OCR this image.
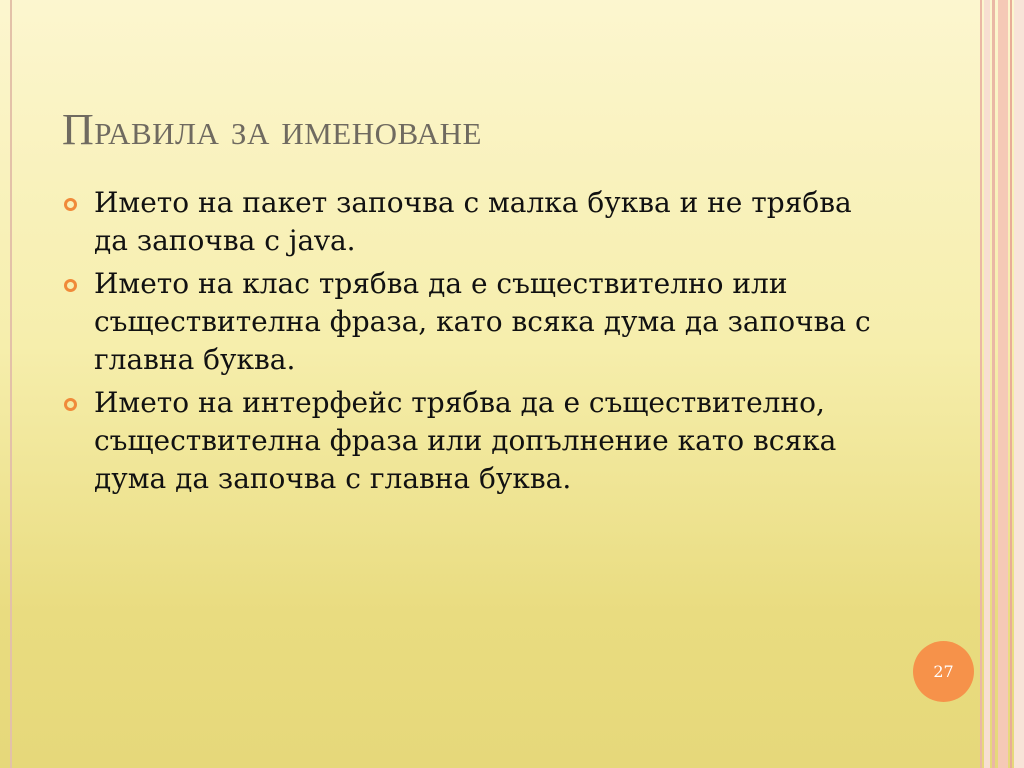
Правила за именоване
Името на пакет започва с малка буква и не трябва да започва с java.
Името на клас трябва да е съществително или съществителна фраза, като всяка дума да започва с главна буква.
Името на интерфейс трябва да е съществително, съществителна фраза или допълнение като всяка дума да започва с главна буква.
27
